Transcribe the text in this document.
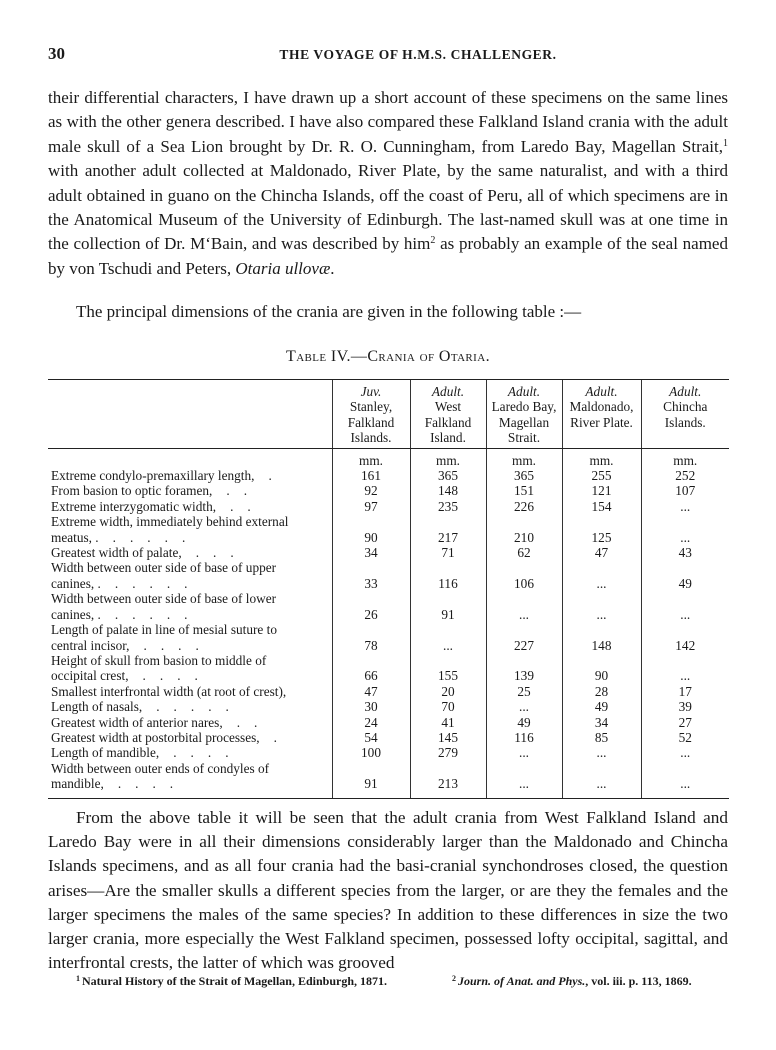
30	THE VOYAGE OF H.M.S. CHALLENGER.

their differential characters, I have drawn up a short account of these specimens on the same lines as with the other genera described. I have also compared these Falkland Island crania with the adult male skull of a Sea Lion brought by Dr. R. O. Cunningham, from Laredo Bay, Magellan Strait,$^1$ with another adult collected at Maldonado, River Plate, by the same naturalist, and with a third adult obtained in guano on the Chincha Islands, off the coast of Peru, all of which specimens are in the Anatomical Museum of the University of Edinburgh. The last-named skull was at one time in the collection of Dr. M‘Bain, and was described by him$^2$ as probably an example of the seal named by von Tschudi and Peters, Otaria ullovæ.

The principal dimensions of the crania are given in the following table :—

Table IV.—Crania of Otaria.

	Juv.
Stanley,
Falkland
Islands.	Adult.
West
Falkland
Island.	Adult.
Laredo Bay,
Magellan
Strait.	Adult.
Maldonado,
River Plate.	Adult.
Chincha
Islands.

	mm.	mm.	mm.	mm.	mm.
Extreme condylo-premaxillary length, .	161	365	365	255	252
From basion to optic foramen, . .	92	148	151	121	107
Extreme interzygomatic width, . .	97	235	226	154	...
Extreme width, immediately behind external
meatus, . . . . . .	90	217	210	125	...
Greatest width of palate, . . .	34	71	62	47	43
Width between outer side of base of upper
canines, . . . . . .	33	116	106	...	49
Width between outer side of base of lower
canines, . . . . . .	26	91	...	...	...
Length of palate in line of mesial suture to
central incisor, . . . .	78	...	227	148	142
Height of skull from basion to middle of
occipital crest, . . . .	66	155	139	90	...
Smallest interfrontal width (at root of crest),	47	20	25	28	17
Length of nasals, . . . . .	30	70	...	49	39
Greatest width of anterior nares, . .	24	41	49	34	27
Greatest width at postorbital processes, .	54	145	116	85	52
Length of mandible, . . . .	100	279	...	...	...
Width between outer ends of condyles of
mandible, . . . .	91	213	...	...	...

From the above table it will be seen that the adult crania from West Falkland Island and Laredo Bay were in all their dimensions considerably larger than the Maldonado and Chincha Islands specimens, and as all four crania had the basi-cranial synchondroses closed, the question arises—Are the smaller skulls a different species from the larger, or are they the females and the larger specimens the males of the same species? In addition to these differences in size the two larger crania, more especially the West Falkland specimen, possessed lofty occipital, sagittal, and interfrontal crests, the latter of which was grooved

$^1$ Natural History of the Strait of Magellan, Edinburgh, 1871.	$^2$ Journ. of Anat. and Phys., vol. iii. p. 113, 1869.
